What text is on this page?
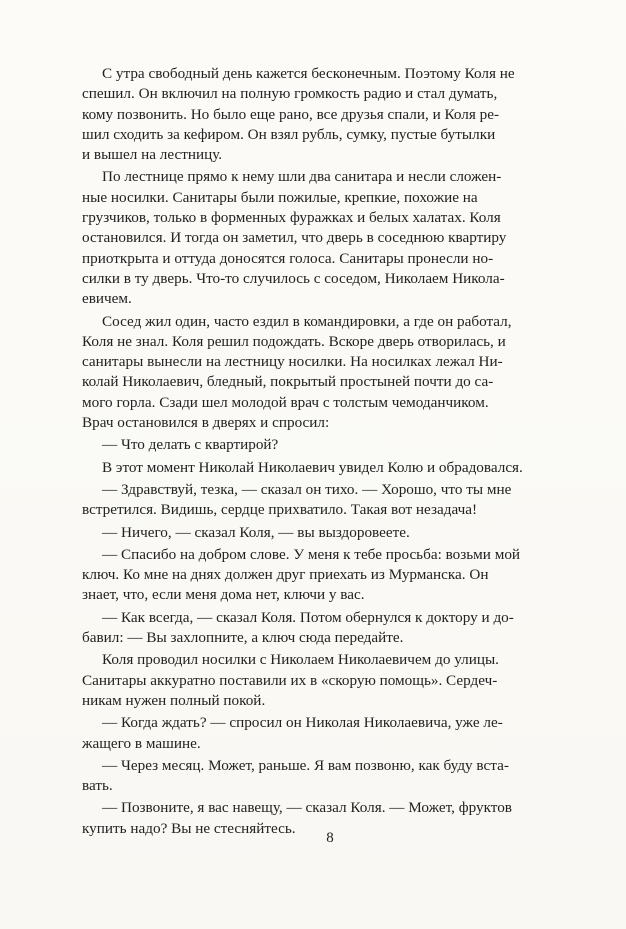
С утра свободный день кажется бесконечным. Поэтому Коля не
спешил. Он включил на полную громкость радио и стал думать,
кому позвонить. Но было еще рано, все друзья спали, и Коля ре-
шил сходить за кефиром. Он взял рубль, сумку, пустые бутылки
и вышел на лестницу.

По лестнице прямо к нему шли два санитара и несли сложен-
ные носилки. Санитары были пожилые, крепкие, похожие на
грузчиков, только в форменных фуражках и белых халатах. Коля
остановился. И тогда он заметил, что дверь в соседнюю квартиру
приоткрыта и оттуда доносятся голоса. Санитары пронесли но-
силки в ту дверь. Что-то случилось с соседом, Николаем Никола-
евичем.

Сосед жил один, часто ездил в командировки, а где он работал,
Коля не знал. Коля решил подождать. Вскоре дверь отворилась, и
санитары вынесли на лестницу носилки. На носилках лежал Ни-
колай Николаевич, бледный, покрытый простыней почти до са-
мого горла. Сзади шел молодой врач с толстым чемоданчиком.
Врач остановился в дверях и спросил:

— Что делать с квартирой?

В этот момент Николай Николаевич увидел Колю и обрадовался.

— Здравствуй, тезка, — сказал он тихо. — Хорошо, что ты мне
встретился. Видишь, сердце прихватило. Такая вот незадача!

— Ничего, — сказал Коля, — вы выздоровеете.

— Спасибо на добром слове. У меня к тебе просьба: возьми мой
ключ. Ко мне на днях должен друг приехать из Мурманска. Он
знает, что, если меня дома нет, ключи у вас.

— Как всегда, — сказал Коля. Потом обернулся к доктору и до-
бавил: — Вы захлопните, а ключ сюда передайте.

Коля проводил носилки с Николаем Николаевичем до улицы.
Санитары аккуратно поставили их в «скорую помощь». Сердеч-
никам нужен полный покой.

— Когда ждать? — спросил он Николая Николаевича, уже ле-
жащего в машине.

— Через месяц. Может, раньше. Я вам позвоню, как буду вста-
вать.

— Позвоните, я вас навещу, — сказал Коля. — Может, фруктов
купить надо? Вы не стесняйтесь.

8
